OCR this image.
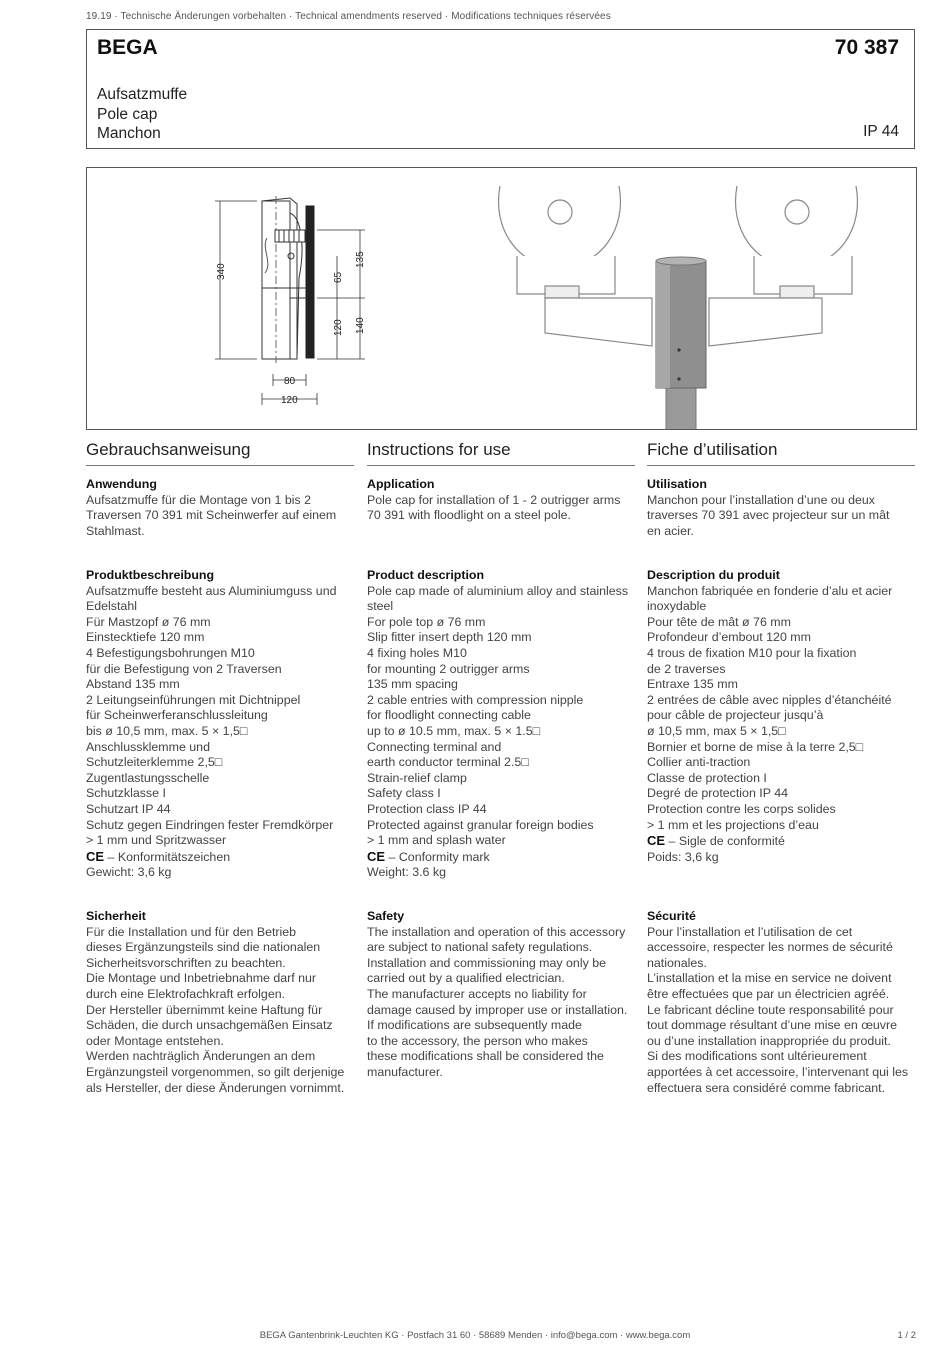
19.19 · Technische Änderungen vorbehalten · Technical amendments reserved · Modifications techniques réservées
BEGA	70 387
Aufsatzmuffe
Pole cap
Manchon	IP 44
340
135
65
120 140
80
120
Gebrauchsanweisung
Anwendung
Aufsatzmuffe für die Montage von 1 bis 2
Traversen 70 391 mit Scheinwerfer auf einem
Stahlmast.
Produktbeschreibung
Aufsatzmuffe besteht aus Aluminiumguss und
Edelstahl
Für Mastzopf ø 76 mm
Einstecktiefe 120 mm
4 Befestigungsbohrungen M10
für die Befestigung von 2 Traversen
Abstand 135 mm
2 Leitungseinführungen mit Dichtnippel
für Scheinwerferanschlussleitung
bis ø 10,5 mm, max. 5 × 1,5□
Anschlussklemme und
Schutzleiterklemme 2,5□
Zugentlastungsschelle
Schutzklasse I
Schutzart IP 44
Schutz gegen Eindringen fester Fremdkörper
> 1 mm und Spritzwasser
CE – Konformitätszeichen
Gewicht: 3,6 kg
Sicherheit
Für die Installation und für den Betrieb
dieses Ergänzungsteils sind die nationalen
Sicherheitsvorschriften zu beachten.
Die Montage und Inbetriebnahme darf nur
durch eine Elektrofachkraft erfolgen.
Der Hersteller übernimmt keine Haftung für
Schäden, die durch unsachgemäßen Einsatz
oder Montage entstehen.
Werden nachträglich Änderungen an dem
Ergänzungsteil vorgenommen, so gilt derjenige
als Hersteller, der diese Änderungen vornimmt.
Instructions for use
Application
Pole cap for installation of 1 - 2 outrigger arms
70 391 with floodlight on a steel pole.
Product description
Pole cap made of aluminium alloy and stainless
steel
For pole top ø 76 mm
Slip fitter insert depth 120 mm
4 fixing holes M10
for mounting 2 outrigger arms
135 mm spacing
2 cable entries with compression nipple
for floodlight connecting cable
up to ø 10.5 mm, max. 5 × 1.5□
Connecting terminal and
earth conductor terminal 2.5□
Strain-relief clamp
Safety class I
Protection class IP 44
Protected against granular foreign bodies
> 1 mm and splash water
CE – Conformity mark
Weight: 3.6 kg
Safety
The installation and operation of this accessory
are subject to national safety regulations.
Installation and commissioning may only be
carried out by a qualified electrician.
The manufacturer accepts no liability for
damage caused by improper use or installation.
If modifications are subsequently made
to the accessory, the person who makes
these modifications shall be considered the
manufacturer.
Fiche d’utilisation
Utilisation
Manchon pour l’installation d’une ou deux
traverses 70 391 avec projecteur sur un mât
en acier.
Description du produit
Manchon fabriquée en fonderie d’alu et acier
inoxydable
Pour tête de mât ø 76 mm
Profondeur d’embout 120 mm
4 trous de fixation M10 pour la fixation
de 2 traverses
Entraxe 135 mm
2 entrées de câble avec nipples d’étanchéité
pour câble de projecteur jusqu’à
ø 10,5 mm, max 5 × 1,5□
Bornier et borne de mise à la terre 2,5□
Collier anti-traction
Classe de protection I
Degré de protection IP 44
Protection contre les corps solides
> 1 mm et les projections d’eau
CE – Sigle de conformité
Poids: 3,6 kg
Sécurité
Pour l’installation et l’utilisation de cet
accessoire, respecter les normes de sécurité
nationales.
L’installation et la mise en service ne doivent
être effectuées que par un électricien agréé.
Le fabricant décline toute responsabilité pour
tout dommage résultant d’une mise en œuvre
ou d’une installation inappropriée du produit.
Si des modifications sont ultérieurement
apportées à cet accessoire, l’intervenant qui les
effectuera sera considéré comme fabricant.
BEGA Gantenbrink-Leuchten KG · Postfach 31 60 · 58689 Menden · info@bega.com · www.bega.com	1 / 2
